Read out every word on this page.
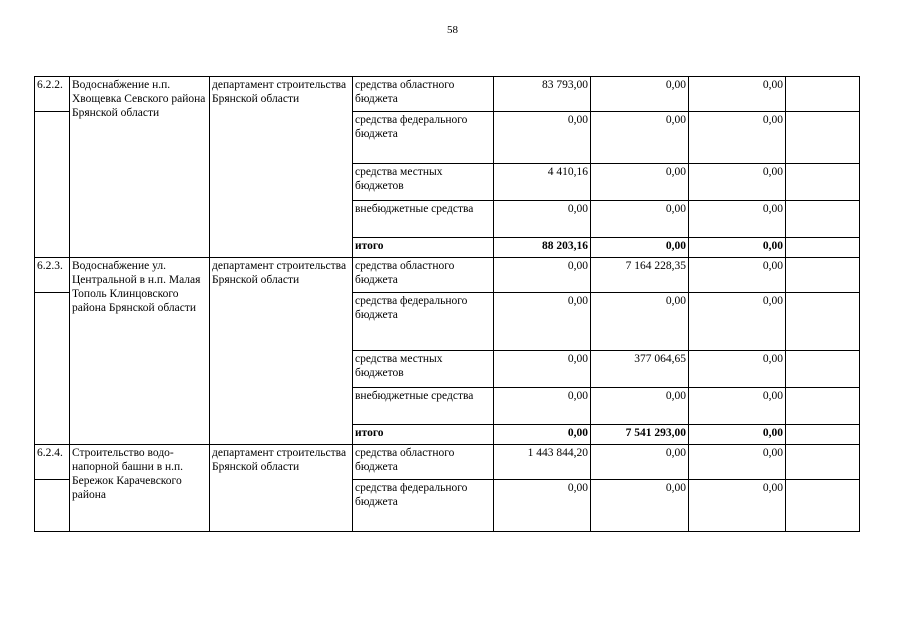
58
6.2.2.	Водоснабжение н.п. Хвощевка Севского района Брянской области	департамент строительства Брянской области	средства областного бюджета	83 793,00	0,00	0,00	
			средства федерального бюджета	0,00	0,00	0,00	
			средства местных бюджетов	4 410,16	0,00	0,00	
			внебюджетные средства	0,00	0,00	0,00	
			итого	88 203,16	0,00	0,00	
6.2.3.	Водоснабжение ул. Центральной в н.п. Малая Тополь Клинцовского района Брянской области	департамент строительства Брянской области	средства областного бюджета	0,00	7 164 228,35	0,00	
			средства федерального бюджета	0,00	0,00	0,00	
			средства местных бюджетов	0,00	377 064,65	0,00	
			внебюджетные средства	0,00	0,00	0,00	
			итого	0,00	7 541 293,00	0,00	
6.2.4.	Строительство водо-напорной башни в н.п. Бережок Карачевского района	департамент строительства Брянской области	средства областного бюджета	1 443 844,20	0,00	0,00	
			средства федерального бюджета	0,00	0,00	0,00	
